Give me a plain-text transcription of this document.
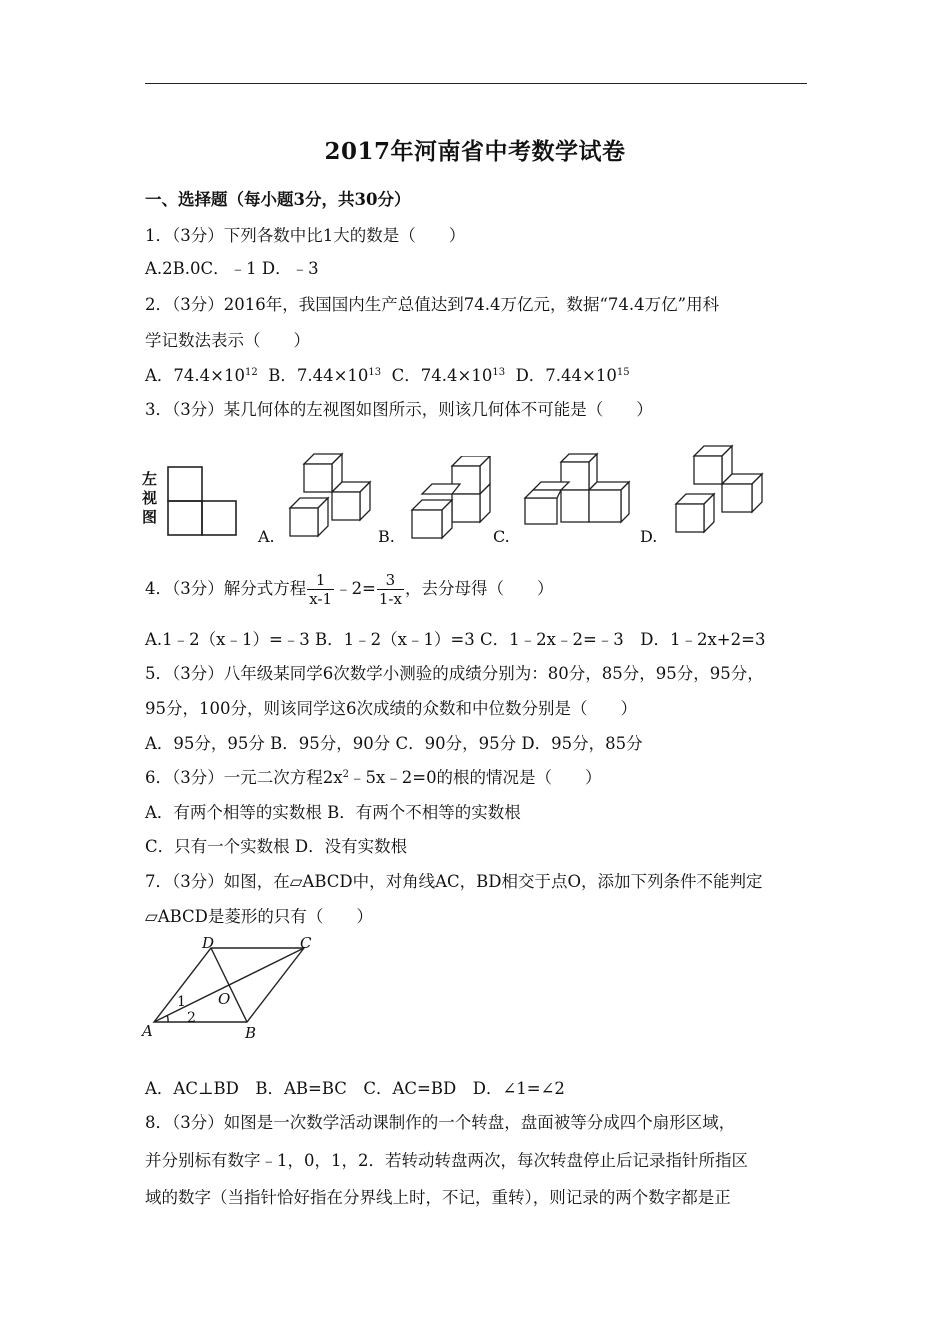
2017年河南省中考数学试卷
一、选择题（每小题3分，共30分）
1．（3分）下列各数中比1大的数是（　　）
A.2B.0C．﹣1 D．﹣3
2．（3分）2016年，我国国内生产总值达到74.4万亿元，数据“74.4万亿”用科
学记数法表示（　　）
A．$74.4\times 10^{12}$ B．$7.44\times 10^{13}$ C．$74.4\times 10^{13}$ D．$7.44\times 10^{15}$
3．（3分）某几何体的左视图如图所示，则该几何体不可能是（　　）
左
视
图
A.	B.	C.	D.
4．（3分）解分式方程 $\frac{1}{x-1}$ ﹣2= $\frac{3}{1-x}$ ，去分母得（　　）
A.1﹣2（x﹣1）=﹣3 B．1﹣2（x﹣1）=3 C．1﹣2x﹣2=﹣3　D．1﹣2x+2=3
5．（3分）八年级某同学6次数学小测验的成绩分别为：80分，85分，95分，95分，
95分，100分，则该同学这6次成绩的众数和中位数分别是（　　）
A．95分，95分 B．95分，90分 C．90分，95分 D．95分，85分
6．（3分）一元二次方程$2x^2﹣5x﹣2=0$的根的情况是（　　）
A．有两个相等的实数根 B．有两个不相等的实数根
C．只有一个实数根 D．没有实数根
7．（3分）如图，在▱ABCD中，对角线AC，BD相交于点O，添加下列条件不能判定
▱ABCD是菱形的只有（　　）
A	B
C
D
O
1
2
A．AC⊥BD　B．AB=BC　C．AC=BD　D．∠1=∠2
8．（3分）如图是一次数学活动课制作的一个转盘，盘面被等分成四个扇形区域，
并分别标有数字﹣1，0，1，2．若转动转盘两次，每次转盘停止后记录指针所指区
域的数字（当指针恰好指在分界线上时，不记，重转），则记录的两个数字都是正
